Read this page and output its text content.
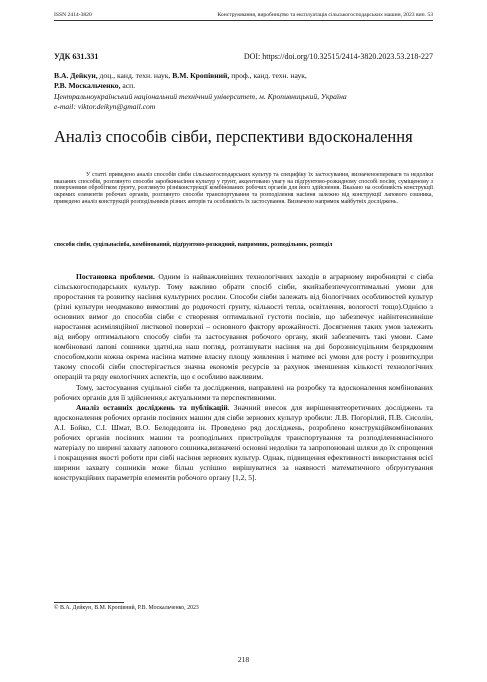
ISSN 2414-3820	Конструювання, виробництво та експлуатація сільськогосподарських машин, 2023 вип. 53
УДК 631.331	DOI: https://doi.org/10.32515/2414-3820.2023.53.218-227
В.А. Дейкун, доц., канд. техн. наук, В.М. Кропівний, проф., канд. техн. наук,
Р.В. Москальченко, асп.
Центральноукраїнський національний технічний університет, м. Кропивницький, Україна
e-mail: viktor.deikyn@gmail.com
Аналіз способів сівби, перспективи вдосконалення

У статті приведено аналіз способів сівби сільськогосподарських культур та специфіку їх застосування, визначеноепереваги та недоліки вказаних способів, розглянуто способи заробкинасіння культур у грунт, акцентовано увагу на підґрунтово-розкидному способі посіву, суміщеному з поверхневим обробітком ґрунту, розглянуто різніконструкції комбінованих робочих органів для його здійснення. Вказано на особливість конструкції окремих елементів робочих органів, розглянуто способи транспортування та розподілення насіння залежно від конструкції лапового сошника, приведено аналіз конструкцій розподільників різних авторів та особливість їх застосування. Визначено напрямок майбутніх досліджень.

способи сівби, суцільнасівба, комбінований, підґрунтово-розкидний, напрямник, розподільник, розподіл

Постановка проблеми. Одним із найважливіших технологічних заходів в аграрному виробництві є сівба сільськогосподарських культур. Тому важливо обрати спосіб сівби, якийзабезпечуєоптимальні умови для проростання та розвитку насіння культурних рослин. Способи сівби залежать від біологічних особливостей культур (різні культури неодмаково вимогливі до родючості ґрунту, кількості тепла, освітлення, вологості тощо).Однією з основних вимог до способів сівби є створення оптимальної густоти посівів, що забезпечує найінтенсивніше наростання асиміляційної листкової поверхні – основного фактору врожайності. Досягнення таких умов залежить від вибору оптимального способу сівби та застосування робочого органу, який забезпечить такі умови. Саме комбіновані лапові сошники здатні,на наш погляд, розташувати насіння на дні борознисуцільним безрядковим способом,коли кожна окрема насінна матиме власну площу живлення і матиме всі умови для росту і розвитку,при такому способі сівби спостерігається значна економія ресурсів за рахунок зменшення кількості технологічних операцій та ряду екологічних аспектів, що є особливо важливим.

Тому, застосування суцільної сівби та дослідження, направлені на розробку та вдосконалення комбінованих робочих органів для її здійснення,є актуальними та перспективними.

Аналіз останніх досліджень та публікацій. Значний внесок для вирішеннятеоретичних досліджень та вдосконалення робочих органів посівних машин для сівби зернових культур зробили: Л.В. Погорілий, П.В. Сисолін, А.І. Бойко, С.І. Шмат, В.О. Белодедовта ін. Проведено ряд досліджень, розроблено конструкційкомбінованих робочих органів посівних машин та розподільних пристроївдля транспортування та розподіленнянасінного матеріалу по ширині захвату лапового сошника,визначені основні недоліки та запропоновані шляхи до їх спрощення і покращення якості роботи при сівбі насіння зернових культур. Однак, підвищення ефективності використання всієї ширини захвату сошників може більш успішно вирішуватися за наявності математичного обґрунтування конструкційних параметрів елементів робочого органу [1,2, 5].

© В.А. Дейкун, В.М. Кропівний, Р.В. Москальченко, 2023
218
